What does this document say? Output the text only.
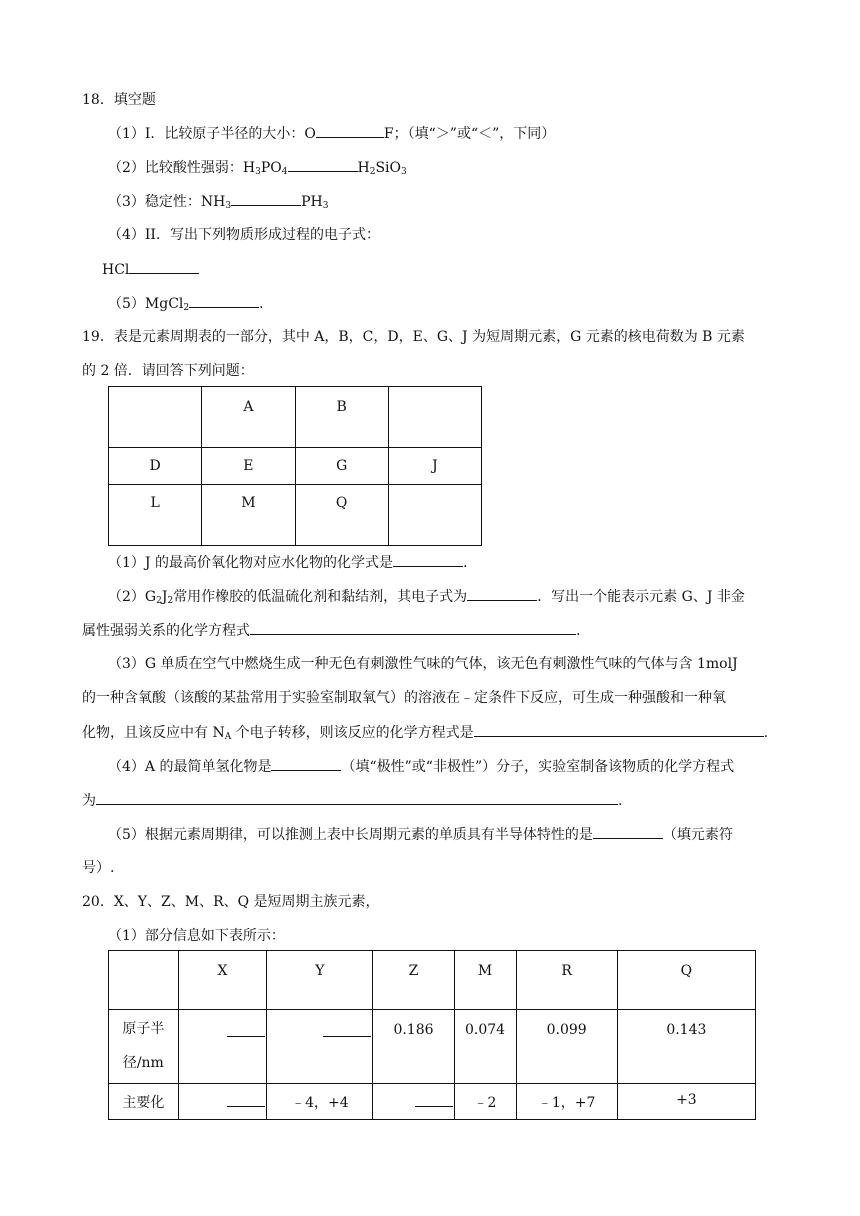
18．填空题
（1）I．比较原子半径的大小：O	F；（填“＞”或“＜”，下同）
（2）比较酸性强弱：$H_3PO_4$	$H_2SiO_3$
（3）稳定性：$NH_3$	$PH_3$
（4）II．写出下列物质形成过程的电子式：
HCl
（5）MgCl$_2$	.
19．表是元素周期表的一部分，其中 A，B，C，D，E、G、J 为短周期元素，G 元素的核电荷数为 B 元素
的 2 倍．请回答下列问题：
	A	B	
D	E	G	J
L	M	Q	
（1）J 的最高价氧化物对应水化物的化学式是	.
$(2)G_2J_2$常用作橡胶的低温硫化剂和黏结剂，其电子式为	．写出一个能表示元素 G、J 非金
属性强弱关系的化学方程式	.
（3）G 单质在空气中燃烧生成一种无色有刺激性气味的气体，该无色有刺激性气味的气体与含 1molJ
的一种含氧酸（该酸的某盐常用于实验室制取氧气）的溶液在﹣定条件下反应，可生成一种强酸和一种氧
化物，且该反应中有 $N_A$ 个电子转移，则该反应的化学方程式是	.
（4）A 的最简单氢化物是	（填“极性”或“非极性”）分子，实验室制备该物质的化学方程式
为	.
（5）根据元素周期律，可以推测上表中长周期元素的单质具有半导体特性的是	（填元素符
号）.
20．X、Y、Z、M、R、Q 是短周期主族元素，
（1）部分信息如下表所示：
	X	Y	Z	M	R	Q
原子半
径/nm			0.186	0.074	0.099	0.143
主要化		﹣4，+4		﹣2	﹣1，+7	+3
